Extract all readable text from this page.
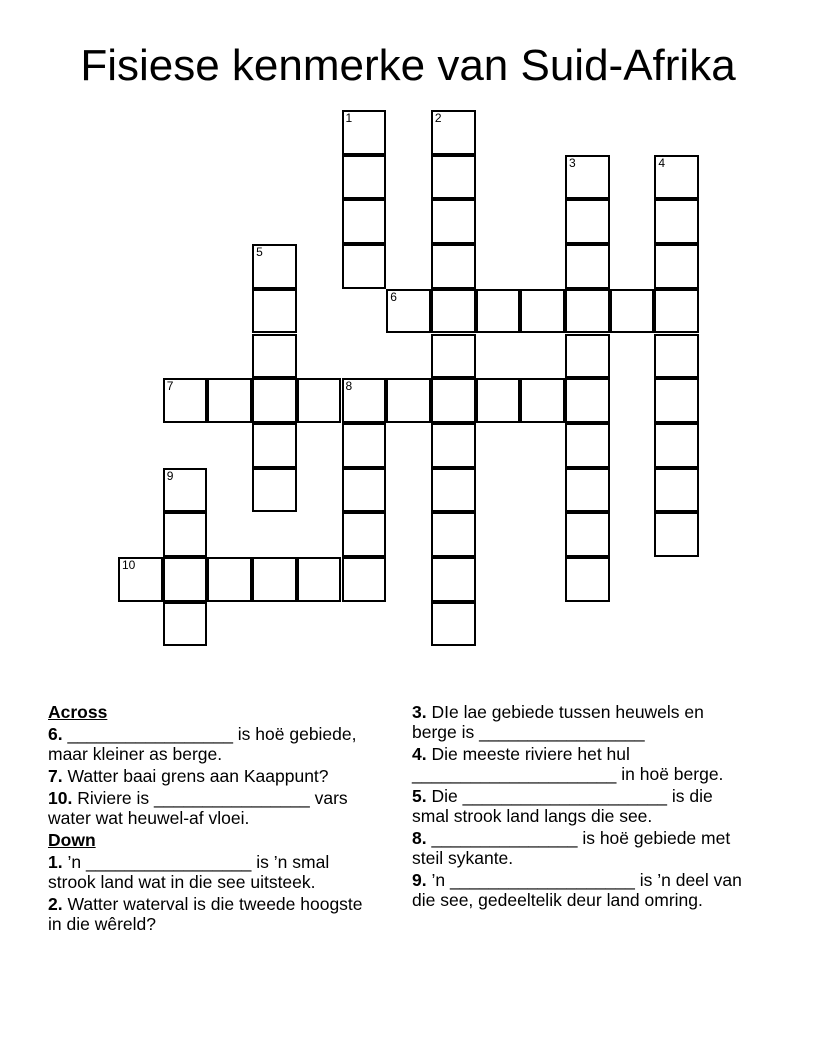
Fisiese kenmerke van Suid-Afrika
1	2
3	4
5
6
7	8
9
10
Across
6. _________________ is hoë gebiede, maar kleiner as berge.
7. Watter baai grens aan Kaappunt?
10. Riviere is ________________ vars water wat heuwel-af vloei.
Down
1. ’n _________________ is ’n smal strook land wat in die see uitsteek.
2. Watter waterval is die tweede hoogste in die wêreld?
3. DIe lae gebiede tussen heuwels en berge is _________________
4. Die meeste riviere het hul _____________________ in hoë berge.
5. Die _____________________ is die smal strook land langs die see.
8. _______________ is hoë gebiede met steil sykante.
9. ’n ___________________ is ’n deel van die see, gedeeltelik deur land omring.
